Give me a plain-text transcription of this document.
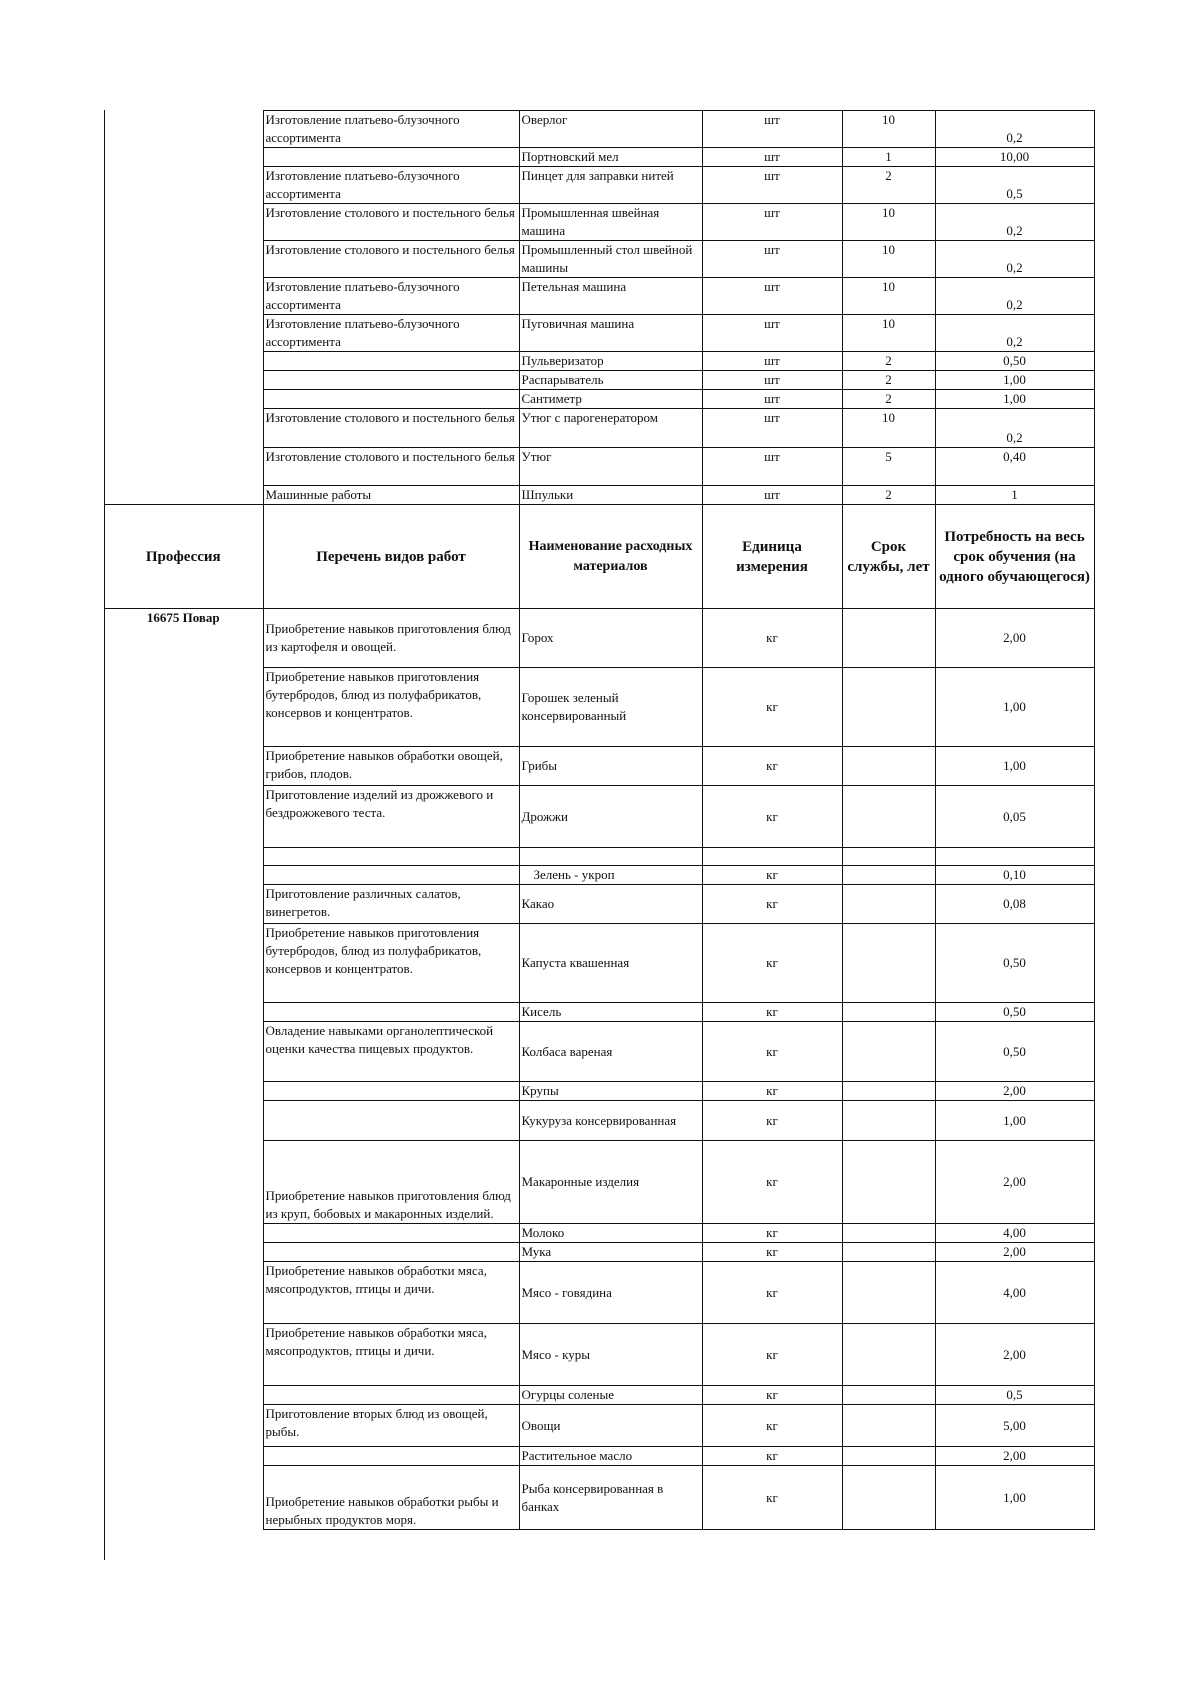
	Изготовление платьево-блузочного ассортимента	Оверлог	шт	10	0,2
		Портновский мел	шт	1	10,00
	Изготовление платьево-блузочного ассортимента	Пинцет для заправки нитей	шт	2	0,5
	Изготовление столового и постельного белья	Промышленная швейная машина	шт	10	0,2
	Изготовление столового и постельного белья	Промышленный стол швейной машины	шт	10	0,2
	Изготовление платьево-блузочного ассортимента	Петельная машина	шт	10	0,2
	Изготовление платьево-блузочного ассортимента	Пуговичная машина	шт	10	0,2
		Пульверизатор	шт	2	0,50
		Распарыватель	шт	2	1,00
		Сантиметр	шт	2	1,00
	Изготовление столового и постельного белья	Утюг с парогенератором	шт	10	0,2
	Изготовление столового и постельного белья	Утюг	шт	5	0,40
	Машинные работы	Шпульки	шт	2	1
Профессия	Перечень видов работ	Наименование расходных материалов	Единица измерения	Срок службы, лет	Потребность на весь срок обучения (на одного обучающегося)
16675 Повар	Приобретение навыков приготовления блюд из картофеля и овощей.	Горох	кг		2,00
	Приобретение навыков приготовления бутербродов, блюд из полуфабрикатов, консервов и концентратов.	Горошек зеленый консервированный	кг		1,00
	Приобретение навыков обработки овощей, грибов, плодов.	Грибы	кг		1,00
	Приготовление изделий из дрожжевого и бездрожжевого теста.	Дрожжи	кг		0,05

		Зелень - укроп	кг		0,10
	Приготовление различных салатов, винегретов.	Какао	кг		0,08
	Приобретение навыков приготовления бутербродов, блюд из полуфабрикатов, консервов и концентратов.	Капуста квашенная	кг		0,50
		Кисель	кг		0,50
	Овладение навыками органолептической оценки качества пищевых продуктов.	Колбаса вареная	кг		0,50
		Крупы	кг		2,00
		Кукуруза консервированная	кг		1,00
	Приобретение навыков приготовления блюд из круп, бобовых и макаронных изделий.	Макаронные изделия	кг		2,00
		Молоко	кг		4,00
		Мука	кг		2,00
	Приобретение навыков обработки мяса, мясопродуктов, птицы и дичи.	Мясо - говядина	кг		4,00
	Приобретение навыков обработки мяса, мясопродуктов, птицы и дичи.	Мясо - куры	кг		2,00
		Огурцы соленые	кг		0,5
	Приготовление вторых блюд из овощей, рыбы.	Овощи	кг		5,00
		Растительное масло	кг		2,00
	Приобретение навыков обработки рыбы и нерыбных продуктов моря.	Рыба консервированная в банках	кг		1,00
